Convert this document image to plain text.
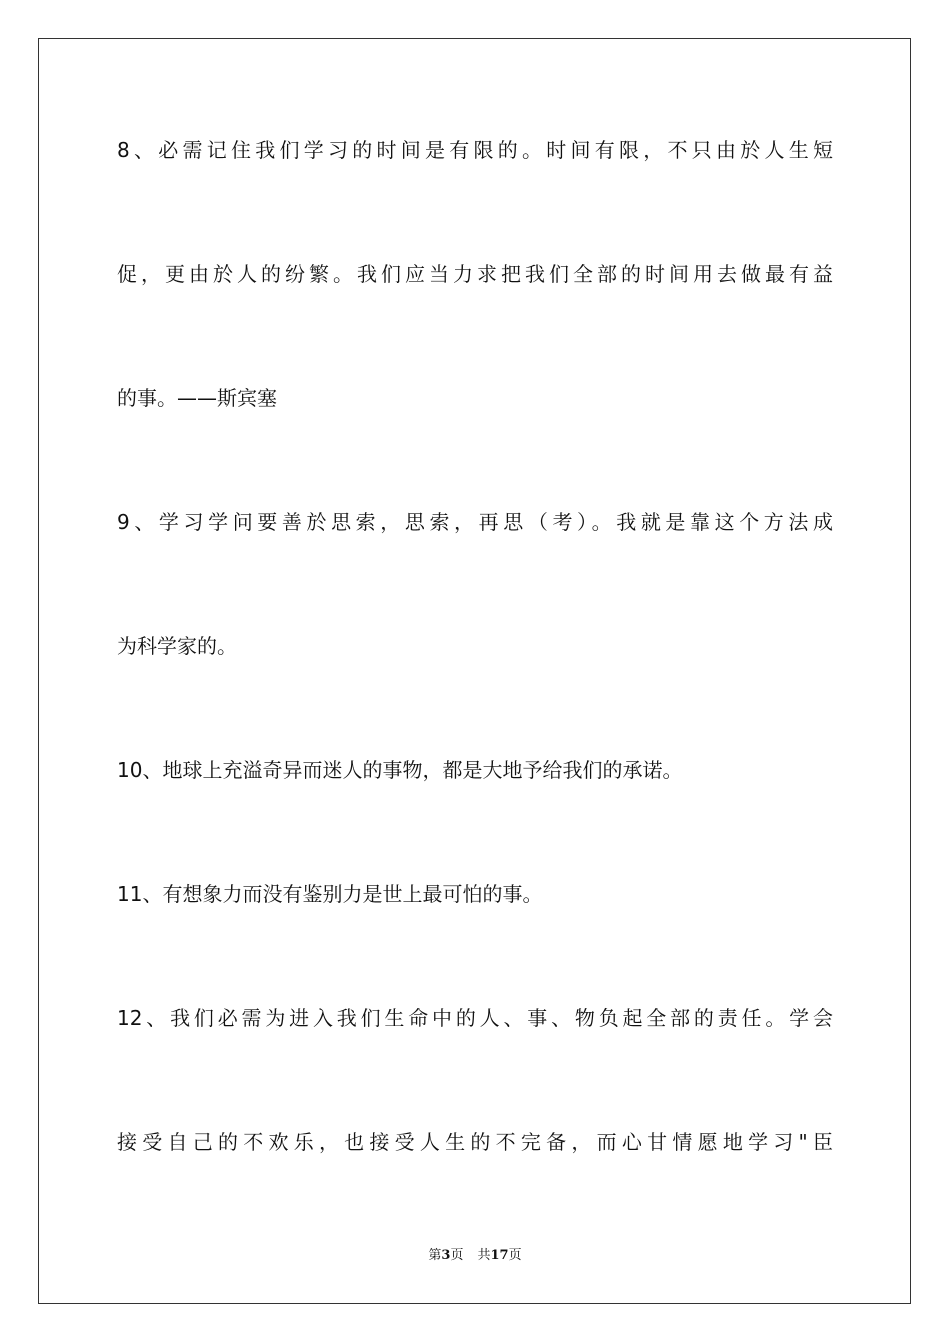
8、必需记住我们学习的时间是有限的。时间有限，不只由於人生短
促，更由於人的纷繁。我们应当力求把我们全部的时间用去做最有益
的事。——斯宾塞
9、学习学问要善於思索，思索，再思（考）。我就是靠这个方法成
为科学家的。
10、地球上充溢奇异而迷人的事物，都是大地予给我们的承诺。
11、有想象力而没有鉴别力是世上最可怕的事。
12、我们必需为进入我们生命中的人、事、物负起全部的责任。学会
接受自己的不欢乐，也接受人生的不完备，而心甘情愿地学习"臣
第3页 共17页
